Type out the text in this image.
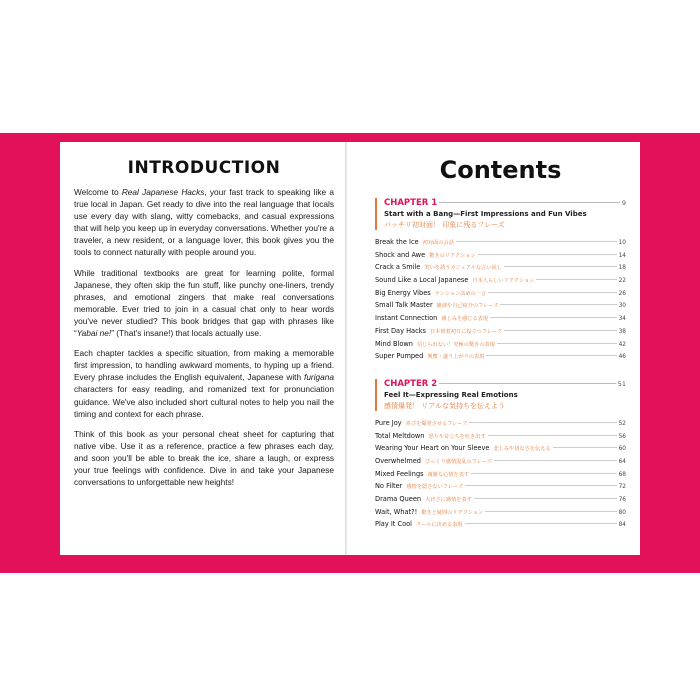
INTRODUCTION

Welcome to Real Japanese Hacks, your fast track to speaking like a true local in Japan. Get ready to dive into the real language that locals use every day with slang, witty comebacks, and casual expressions that will help you keep up in everyday conversations. Whether you're a traveler, a new resident, or a language lover, this book gives you the tools to connect naturally with people around you.

While traditional textbooks are great for learning polite, formal Japanese, they often skip the fun stuff, like punchy one-liners, trendy phrases, and emotional zingers that make real conversations memorable. Ever tried to join in a casual chat only to hear words you've never studied? This book bridges that gap with phrases like “Yabai ne!” (That's insane!) that locals actually use.

Each chapter tackles a specific situation, from making a memorable first impression, to handling awkward moments, to hyping up a friend. Every phrase includes the English equivalent, Japanese with furigana characters for easy reading, and romanized text for pronunciation guidance. We've also included short cultural notes to help you nail the timing and context for each phrase.

Think of this book as your personal cheat sheet for capturing that native vibe. Use it as a reference, practice a few phrases each day, and soon you'll be able to break the ice, share a laugh, or express your true feelings with confidence. Dive in and take your Japanese conversations to unforgettable new heights!

Contents
CHAPTER 1	9
Start with a Bang—First Impressions and Fun Vibes
バッチリ初対面！ 印象に残るフレーズ
Break the Ice 初対面の会話	10
Shock and Awe 驚きのリアクション	14
Crack a Smile 笑いを誘うカジュアルな言い回し	18
Sound Like a Local Japanese 日本人らしいリアクション	22
Big Energy Vibes テンション高めの一言	26
Small Talk Master 雑談や自己紹介のフレーズ	30
Instant Connection 親しみを感じる表現	34
First Day Hacks 日本到着初日に役立つフレーズ	38
Mind Blown 信じられない！究極の驚きの表現	42
Super Pumped 興奮・盛り上がりの表現	46
CHAPTER 2	51
Feel It—Expressing Real Emotions
感情爆発！ リアルな気持ちを伝えよう
Pure Joy 喜びを爆発させるフレーズ	52
Total Meltdown 怒りや苛立ちを吐き出す	56
Wearing Your Heart on Your Sleeve 悲しみや切なさを伝える	60
Overwhelmed びっくり感情混乱のフレーズ	64
Mixed Feelings 複雑な心情を表す	68
No Filter 感情を隠さないフレーズ	72
Drama Queen 大げさに感情を表す	76
Wait, What?! 驚きと疑問のリアクション	80
Play It Cool クールに決める表現	84
